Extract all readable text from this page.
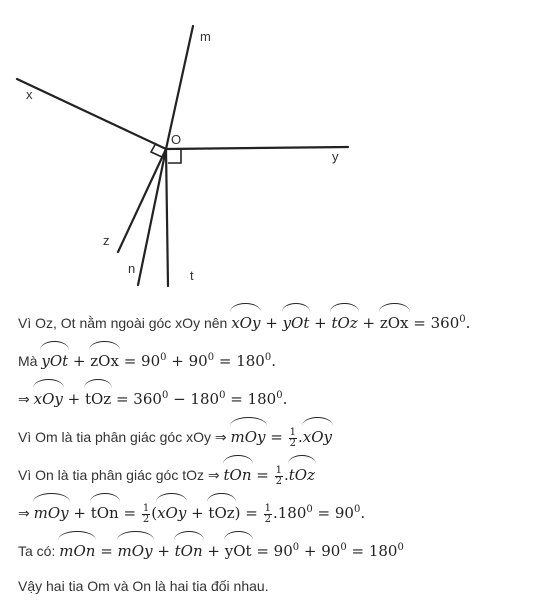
m
x
O
y
z
n	t
Vì Oz, Ot nằm ngoài góc xOy nên xOy + yOt + tOz + zOx = $360^0$.
Mà yOt + zOx = $90^0 + 90^0 = 180^0$.
⇒ xOy + tOz = $360^0 - 180^0 = 180^0$.
Vì Om là tia phân giác góc xOy ⇒ mOy = $\frac{1}{2} .xOy$
Vì On là tia phân giác góc tOz ⇒ tOn = $\frac{1}{2} .tOz$
⇒ mOy + tOn = $\frac{1}{2} (xOy + tOz) = \frac{1}{2} .180^0 = 90^0$.
Ta có: mOn = mOy + tOn + yOt = $90^0 + 90^0 = 180^0$
Vậy hai tia Om và On là hai tia đối nhau.
